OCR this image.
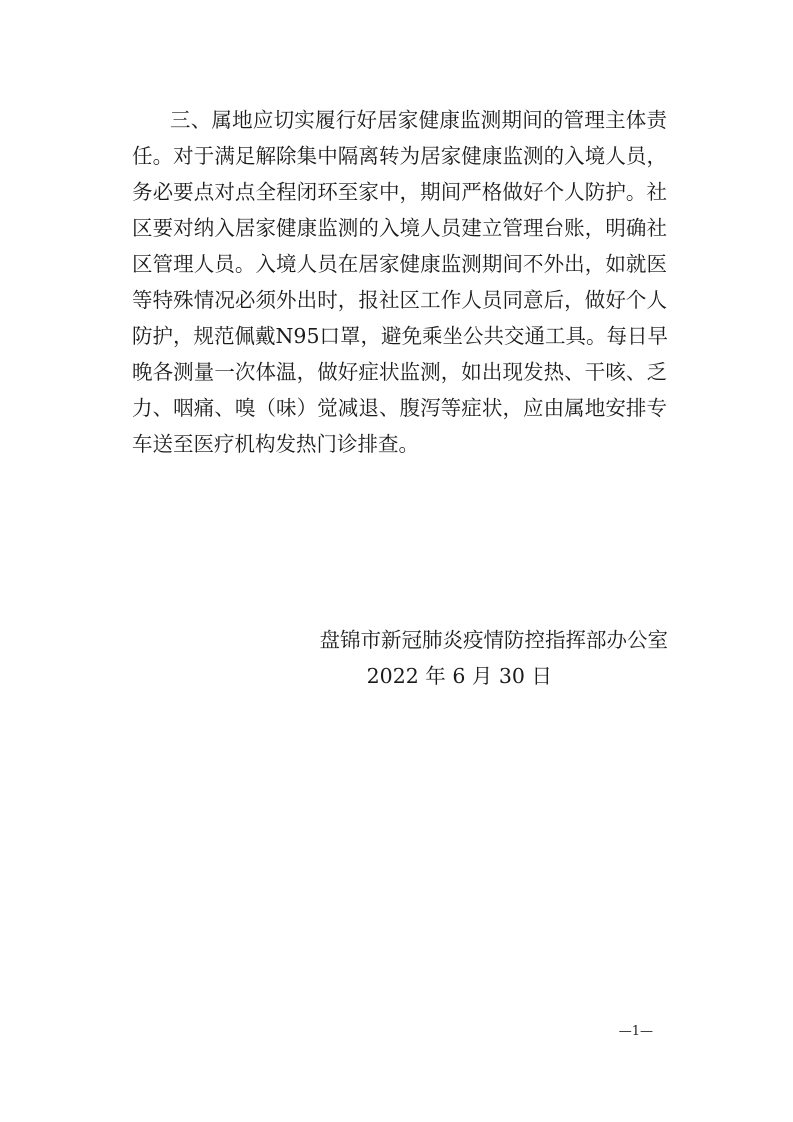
三、属地应切实履行好居家健康监测期间的管理主体责
任。对于满足解除集中隔离转为居家健康监测的入境人员，
务必要点对点全程闭环至家中，期间严格做好个人防护。社
区要对纳入居家健康监测的入境人员建立管理台账，明确社
区管理人员。入境人员在居家健康监测期间不外出，如就医
等特殊情况必须外出时，报社区工作人员同意后，做好个人
防护，规范佩戴N95口罩，避免乘坐公共交通工具。每日早
晚各测量一次体温，做好症状监测，如出现发热、干咳、乏
力、咽痛、嗅（味）觉减退、腹泻等症状，应由属地安排专
车送至医疗机构发热门诊排查。
盘锦市新冠肺炎疫情防控指挥部办公室
2022 年 6 月 30 日
—1—
